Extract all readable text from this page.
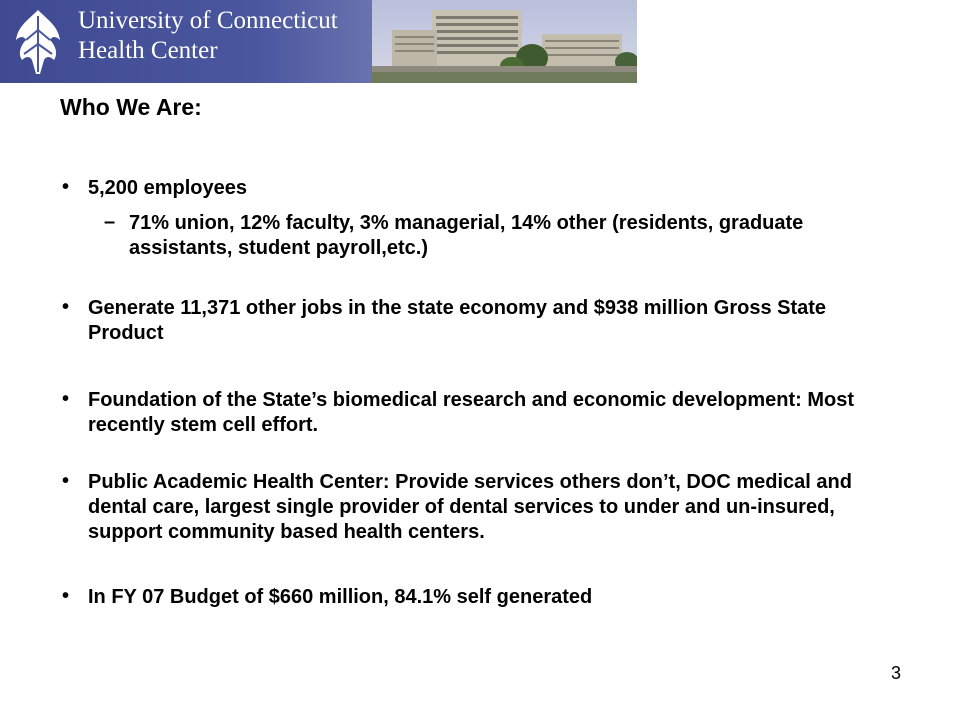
University of Connecticut
Health Center
Who We Are:
• 5,200 employees
– 71% union, 12% faculty, 3% managerial, 14% other (residents, graduate assistants, student payroll,etc.)
• Generate 11,371 other jobs in the state economy and $938 million Gross State Product
• Foundation of the State’s biomedical research and economic development: Most recently stem cell effort.
• Public Academic Health Center: Provide services others don’t, DOC medical and dental care, largest single provider of dental services to under and un-insured, support community based health centers.
• In FY 07 Budget of $660 million, 84.1% self generated
3
